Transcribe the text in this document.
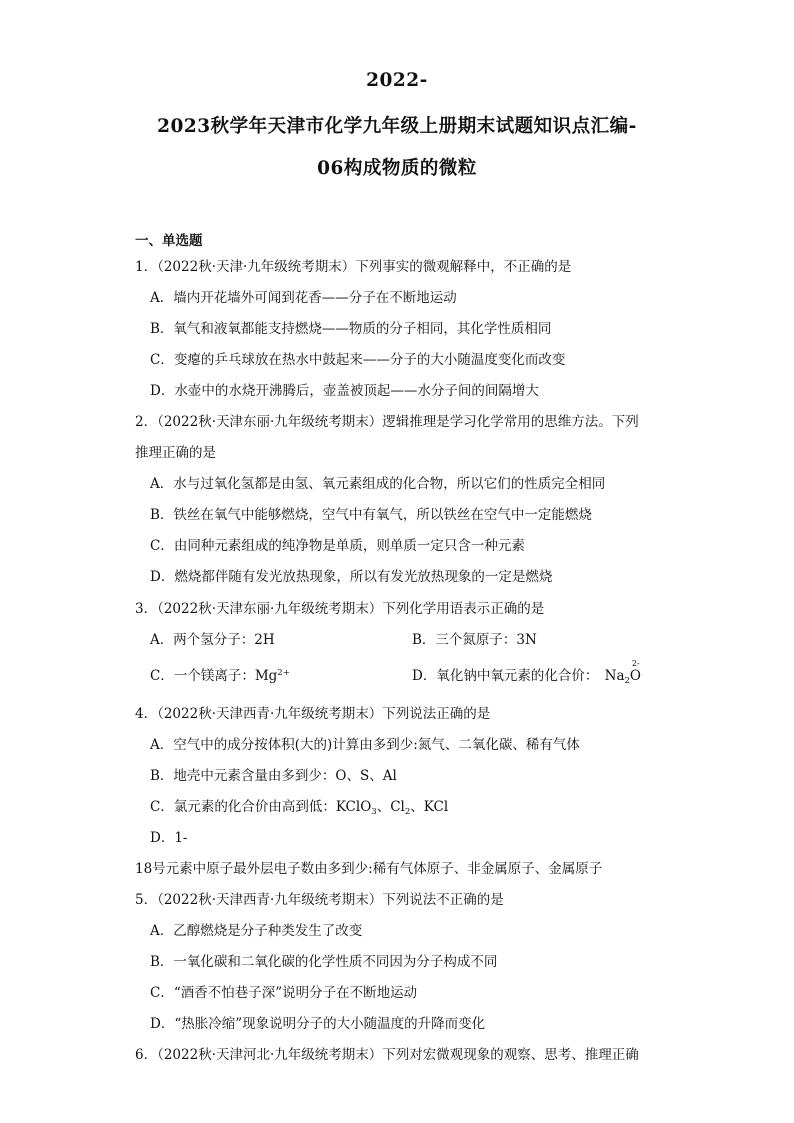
2022-
2023秋学年天津市化学九年级上册期末试题知识点汇编-
06构成物质的微粒
一、单选题
1．（2022秋·天津·九年级统考期末）下列事实的微观解释中，不正确的是
A．墙内开花墙外可闻到花香——分子在不断地运动
B．氧气和液氧都能支持燃烧——物质的分子相同，其化学性质相同
C．变瘪的乒乓球放在热水中鼓起来——分子的大小随温度变化而改变
D．水壶中的水烧开沸腾后，壶盖被顶起——水分子间的间隔增大
2．（2022秋·天津东丽·九年级统考期末）逻辑推理是学习化学常用的思维方法。下列
推理正确的是
A．水与过氧化氢都是由氢、氧元素组成的化合物，所以它们的性质完全相同
B．铁丝在氧气中能够燃烧，空气中有氧气，所以铁丝在空气中一定能燃烧
C．由同种元素组成的纯净物是单质，则单质一定只含一种元素
D．燃烧都伴随有发光放热现象，所以有发光放热现象的一定是燃烧
3．（2022秋·天津东丽·九年级统考期末）下列化学用语表示正确的是
A．两个氢分子：2H	B．三个氮原子：3N
C．一个镁离子：$Mg^{2+}$	D．氧化钠中氧元素的化合价： $Na_2$
2-
O
4．（2022秋·天津西青·九年级统考期末）下列说法正确的是
A．空气中的成分按体积(大的)计算由多到少:氮气、二氧化碳、稀有气体
B．地壳中元素含量由多到少：O、S、Al
C．氯元素的化合价由高到低：KClO$_3$、$Cl_2$、KCl
D．1-
18号元素中原子最外层电子数由多到少:稀有气体原子、非金属原子、金属原子
5．（2022秋·天津西青·九年级统考期末）下列说法不正确的是
A．乙醇燃烧是分子种类发生了改变
B．一氧化碳和二氧化碳的化学性质不同因为分子构成不同
C．“酒香不怕巷子深”说明分子在不断地运动
D．“热胀冷缩”现象说明分子的大小随温度的升降而变化
6．（2022秋·天津河北·九年级统考期末）下列对宏微观现象的观察、思考、推理正确
